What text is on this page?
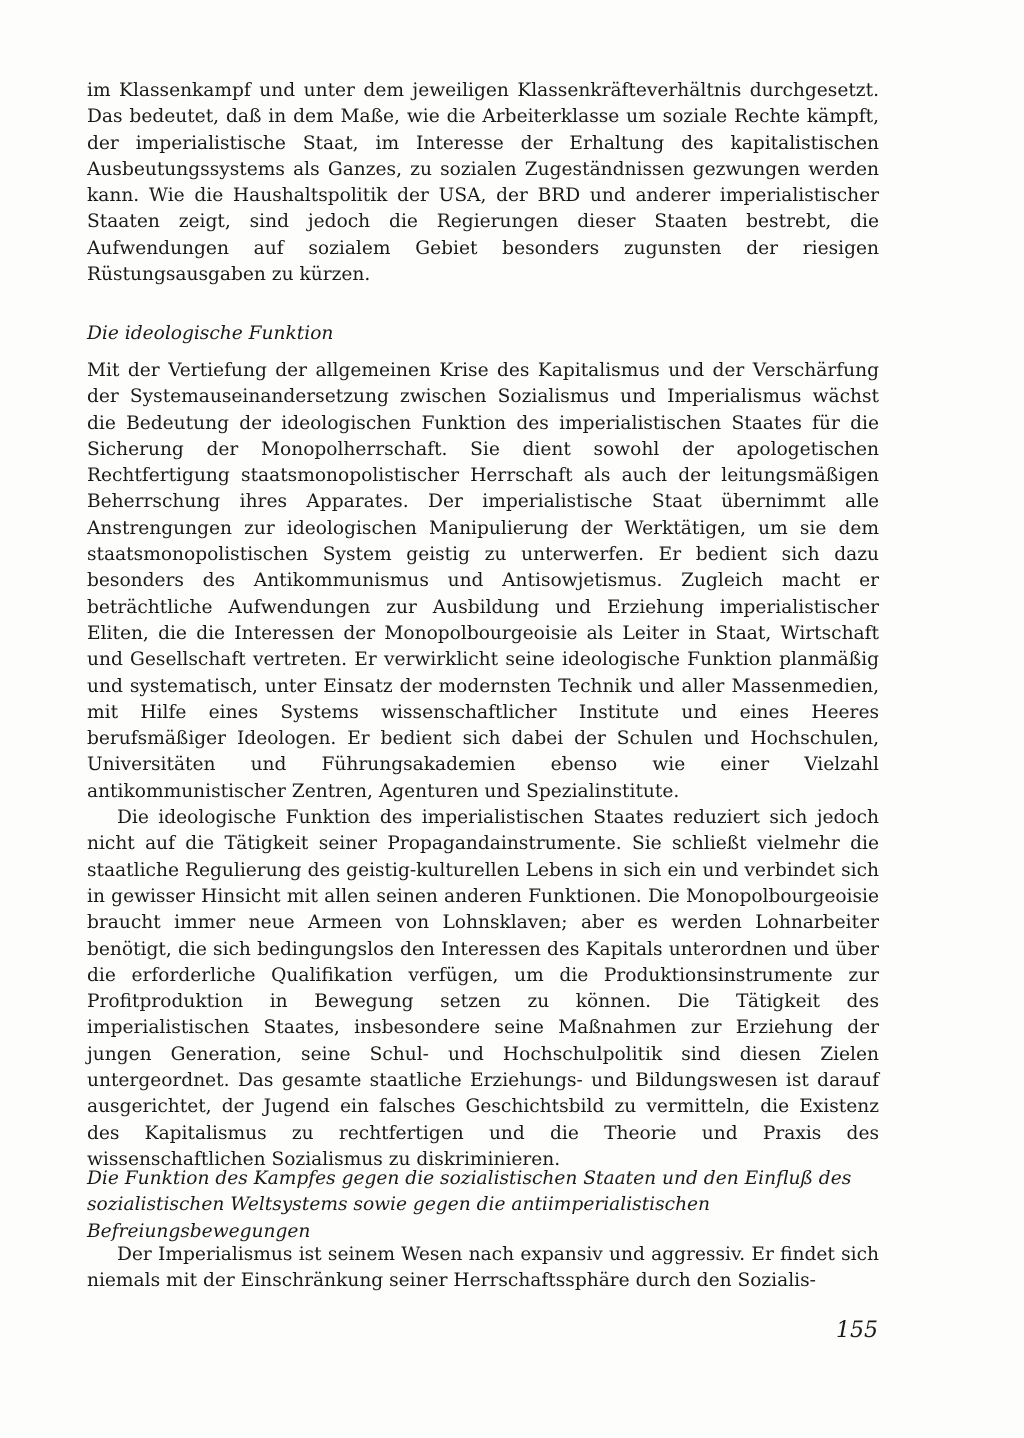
im Klassenkampf und unter dem jeweiligen Klassenkräfteverhältnis durchgesetzt. Das bedeutet, daß in dem Maße, wie die Arbeiterklasse um soziale Rechte kämpft, der imperialistische Staat, im Interesse der Erhaltung des kapitalistischen Ausbeutungssystems als Ganzes, zu sozialen Zugeständnissen gezwungen werden kann. Wie die Haushaltspolitik der USA, der BRD und anderer imperialistischer Staaten zeigt, sind jedoch die Regierungen dieser Staaten bestrebt, die Aufwendungen auf sozialem Gebiet besonders zugunsten der riesigen Rüstungsausgaben zu kürzen.

Die ideologische Funktion

Mit der Vertiefung der allgemeinen Krise des Kapitalismus und der Verschärfung der Systemauseinandersetzung zwischen Sozialismus und Imperialismus wächst die Bedeutung der ideologischen Funktion des imperialistischen Staates für die Sicherung der Monopolherrschaft. Sie dient sowohl der apologetischen Rechtfertigung staatsmonopolistischer Herrschaft als auch der leitungsmäßigen Beherrschung ihres Apparates. Der imperialistische Staat übernimmt alle Anstrengungen zur ideologischen Manipulierung der Werktätigen, um sie dem staatsmonopolistischen System geistig zu unterwerfen. Er bedient sich dazu besonders des Antikommunismus und Antisowjetismus. Zugleich macht er beträchtliche Aufwendungen zur Ausbildung und Erziehung imperialistischer Eliten, die die Interessen der Monopolbourgeoisie als Leiter in Staat, Wirtschaft und Gesellschaft vertreten. Er verwirklicht seine ideologische Funktion planmäßig und systematisch, unter Einsatz der modernsten Technik und aller Massenmedien, mit Hilfe eines Systems wissenschaftlicher Institute und eines Heeres berufsmäßiger Ideologen. Er bedient sich dabei der Schulen und Hochschulen, Universitäten und Führungsakademien ebenso wie einer Vielzahl antikommunistischer Zentren, Agenturen und Spezialinstitute.

Die ideologische Funktion des imperialistischen Staates reduziert sich jedoch nicht auf die Tätigkeit seiner Propagandainstrumente. Sie schließt vielmehr die staatliche Regulierung des geistig-kulturellen Lebens in sich ein und verbindet sich in gewisser Hinsicht mit allen seinen anderen Funktionen. Die Monopolbourgeoisie braucht immer neue Armeen von Lohnsklaven; aber es werden Lohnarbeiter benötigt, die sich bedingungslos den Interessen des Kapitals unterordnen und über die erforderliche Qualifikation verfügen, um die Produktionsinstrumente zur Profitproduktion in Bewegung setzen zu können. Die Tätigkeit des imperialistischen Staates, insbesondere seine Maßnahmen zur Erziehung der jungen Generation, seine Schul- und Hochschulpolitik sind diesen Zielen untergeordnet. Das gesamte staatliche Erziehungs- und Bildungswesen ist darauf ausgerichtet, der Jugend ein falsches Geschichtsbild zu vermitteln, die Existenz des Kapitalismus zu rechtfertigen und die Theorie und Praxis des wissenschaftlichen Sozialismus zu diskriminieren.

Die Funktion des Kampfes gegen die sozialistischen Staaten und den Einfluß des sozialistischen Weltsystems sowie gegen die antiimperialistischen Befreiungsbewegungen

Der Imperialismus ist seinem Wesen nach expansiv und aggressiv. Er findet sich niemals mit der Einschränkung seiner Herrschaftssphäre durch den Sozialis-

155
